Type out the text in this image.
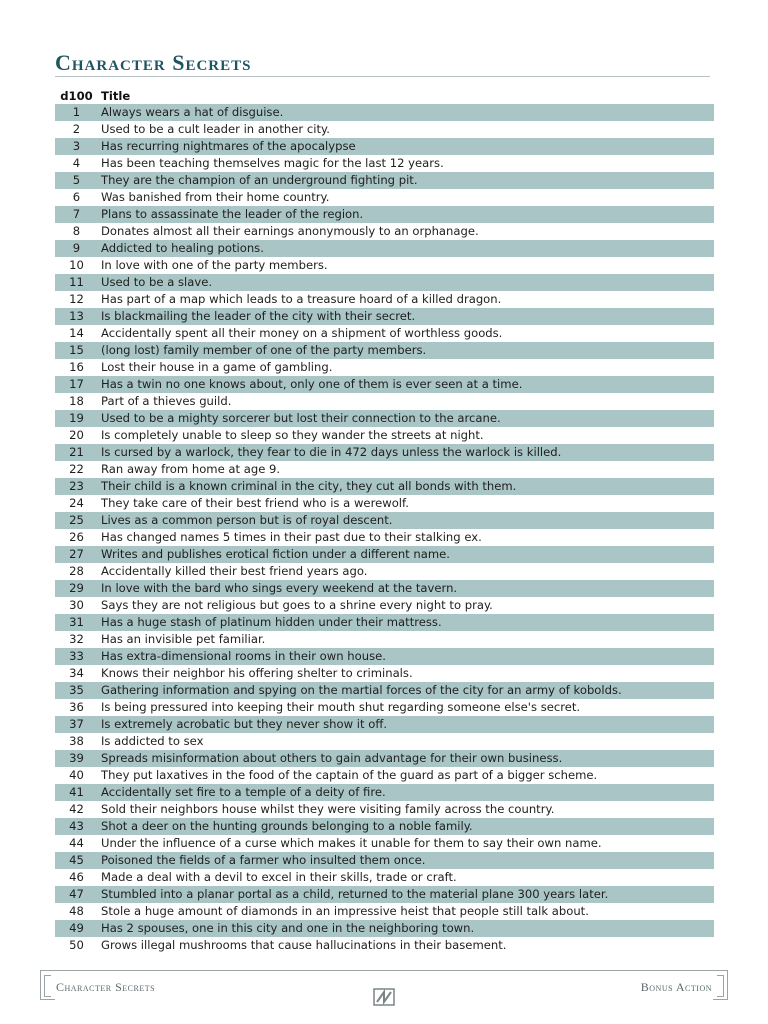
Character Secrets
d100	Title
1	Always wears a hat of disguise.
2	Used to be a cult leader in another city.
3	Has recurring nightmares of the apocalypse
4	Has been teaching themselves magic for the last 12 years.
5	They are the champion of an underground fighting pit.
6	Was banished from their home country.
7	Plans to assassinate the leader of the region.
8	Donates almost all their earnings anonymously to an orphanage.
9	Addicted to healing potions.
10	In love with one of the party members.
11	Used to be a slave.
12	Has part of a map which leads to a treasure hoard of a killed dragon.
13	Is blackmailing the leader of the city with their secret.
14	Accidentally spent all their money on a shipment of worthless goods.
15	(long lost) family member of one of the party members.
16	Lost their house in a game of gambling.
17	Has a twin no one knows about, only one of them is ever seen at a time.
18	Part of a thieves guild.
19	Used to be a mighty sorcerer but lost their connection to the arcane.
20	Is completely unable to sleep so they wander the streets at night.
21	Is cursed by a warlock, they fear to die in 472 days unless the warlock is killed.
22	Ran away from home at age 9.
23	Their child is a known criminal in the city, they cut all bonds with them.
24	They take care of their best friend who is a werewolf.
25	Lives as a common person but is of royal descent.
26	Has changed names 5 times in their past due to their stalking ex.
27	Writes and publishes erotical fiction under a different name.
28	Accidentally killed their best friend years ago.
29	In love with the bard who sings every weekend at the tavern.
30	Says they are not religious but goes to a shrine every night to pray.
31	Has a huge stash of platinum hidden under their mattress.
32	Has an invisible pet familiar.
33	Has extra-dimensional rooms in their own house.
34	Knows their neighbor his offering shelter to criminals.
35	Gathering information and spying on the martial forces of the city for an army of kobolds.
36	Is being pressured into keeping their mouth shut regarding someone else's secret.
37	Is extremely acrobatic but they never show it off.
38	Is addicted to sex
39	Spreads misinformation about others to gain advantage for their own business.
40	They put laxatives in the food of the captain of the guard as part of a bigger scheme.
41	Accidentally set fire to a temple of a deity of fire.
42	Sold their neighbors house whilst they were visiting family across the country.
43	Shot a deer on the hunting grounds belonging to a noble family.
44	Under the influence of a curse which makes it unable for them to say their own name.
45	Poisoned the fields of a farmer who insulted them once.
46	Made a deal with a devil to excel in their skills, trade or craft.
47	Stumbled into a planar portal as a child, returned to the material plane 300 years later.
48	Stole a huge amount of diamonds in an impressive heist that people still talk about.
49	Has 2 spouses, one in this city and one in the neighboring town.
50	Grows illegal mushrooms that cause hallucinations in their basement.
Character Secrets	Bonus Action
